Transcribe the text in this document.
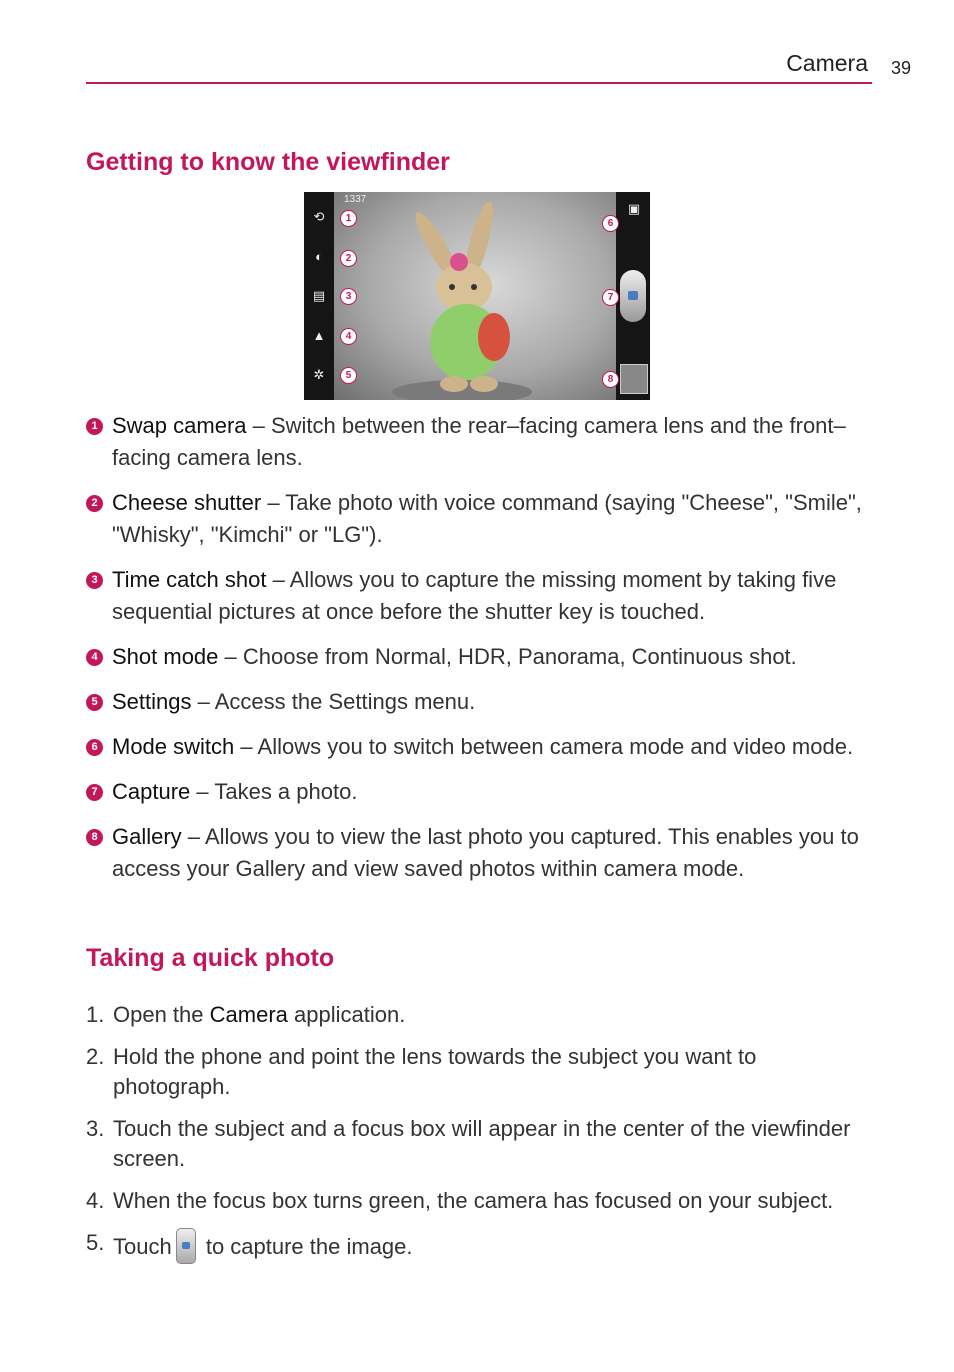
Camera 39
Getting to know the viewfinder
⟲
◐
▤
▲
✲
1337
▣
1
2
3
4
5
6
7
8
1 Swap camera – Switch between the rear–facing camera lens and the front–facing camera lens.
2 Cheese shutter – Take photo with voice command (saying "Cheese", "Smile", "Whisky", "Kimchi" or "LG").
3 Time catch shot – Allows you to capture the missing moment by taking five sequential pictures at once before the shutter key is touched.
4 Shot mode – Choose from Normal, HDR, Panorama, Continuous shot.
5 Settings – Access the Settings menu.
6 Mode switch – Allows you to switch between camera mode and video mode.
7 Capture – Takes a photo.
8 Gallery – Allows you to view the last photo you captured. This enables you to access your Gallery and view saved photos within camera mode.
Taking a quick photo
1. Open the Camera application.
2. Hold the phone and point the lens towards the subject you want to photograph.
3. Touch the subject and a focus box will appear in the center of the viewfinder screen.
4. When the focus box turns green, the camera has focused on your subject.
5. Touch to capture the image.
